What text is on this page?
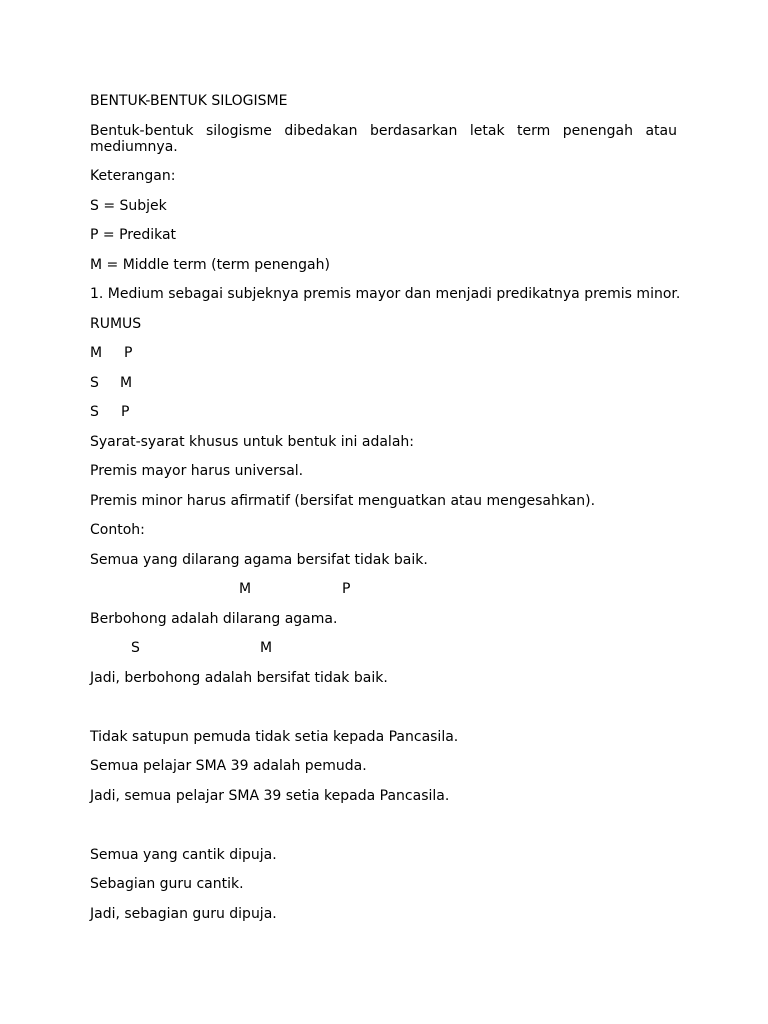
BENTUK-BENTUK SILOGISME

Bentuk-bentuk silogisme dibedakan berdasarkan letak term penengah atau mediumnya.

Keterangan:

S = Subjek

P = Predikat

M = Middle term (term penengah)

1. Medium sebagai subjeknya premis mayor dan menjadi predikatnya premis minor.

RUMUS

M P
S M
S P

Syarat-syarat khusus untuk bentuk ini adalah:

Premis mayor harus universal.

Premis minor harus afirmatif (bersifat menguatkan atau mengesahkan).

Contoh:

Semua yang dilarang agama bersifat tidak baik.

M	P

Berbohong adalah dilarang agama.

S	M

Jadi, berbohong adalah bersifat tidak baik.

Tidak satupun pemuda tidak setia kepada Pancasila.

Semua pelajar SMA 39 adalah pemuda.

Jadi, semua pelajar SMA 39 setia kepada Pancasila.

Semua yang cantik dipuja.

Sebagian guru cantik.

Jadi, sebagian guru dipuja.
